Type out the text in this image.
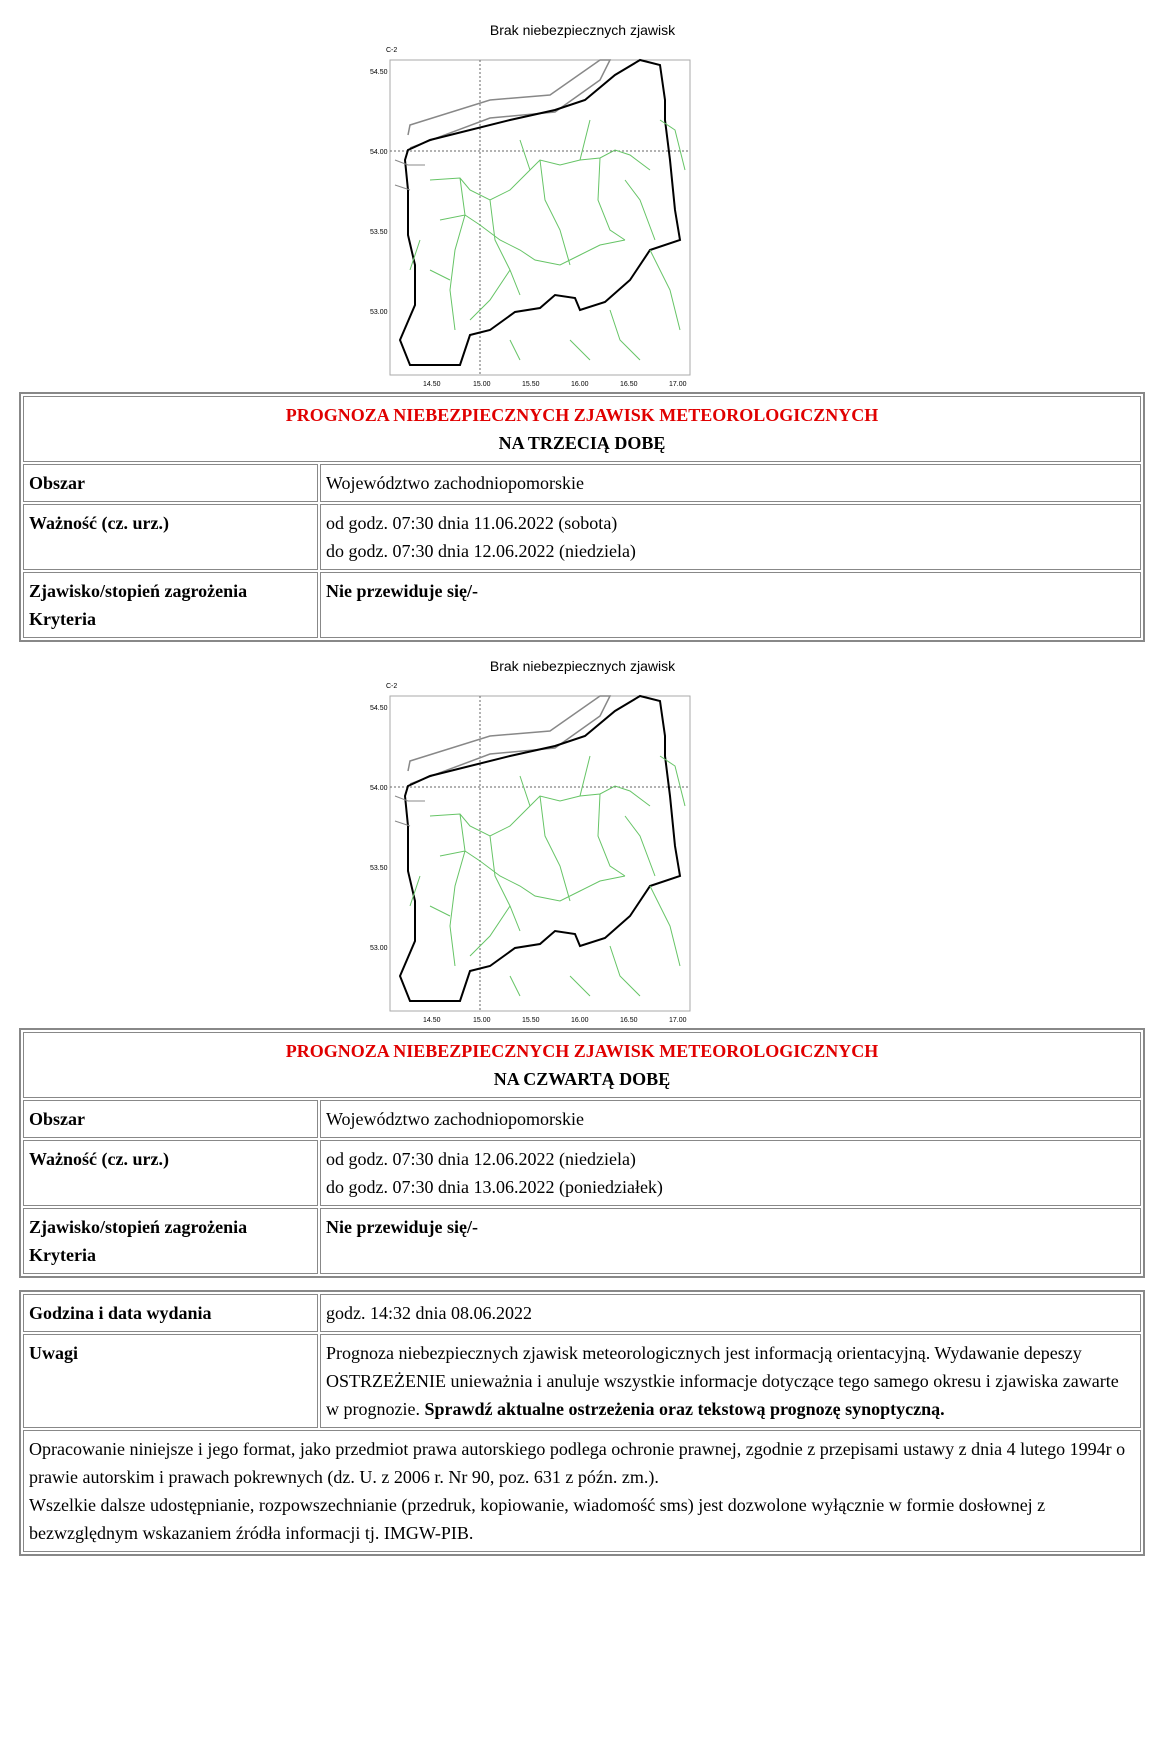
Brak niebezpiecznych zjawisk
C-2
54.50
54.00
53.50
53.00
14.50	15.00	15.50	16.00	16.50	17.00
PROGNOZA NIEBEZPIECZNYCH ZJAWISK METEOROLOGICZNYCH
NA TRZECIĄ DOBĘ	
Obszar	Województwo zachodniopomorskie
Ważność (cz. urz.)	od godz. 07:30 dnia 11.06.2022 (sobota)
do godz. 07:30 dnia 12.06.2022 (niedziela)
Zjawisko/stopień zagrożenia
Kryteria	Nie przewiduje się/-
Brak niebezpiecznych zjawisk
C-2
54.50
54.00
53.50
53.00
14.50	15.00	15.50	16.00	16.50	17.00
PROGNOZA NIEBEZPIECZNYCH ZJAWISK METEOROLOGICZNYCH
NA CZWARTĄ DOBĘ	
Obszar	Województwo zachodniopomorskie
Ważność (cz. urz.)	od godz. 07:30 dnia 12.06.2022 (niedziela)
do godz. 07:30 dnia 13.06.2022 (poniedziałek)
Zjawisko/stopień zagrożenia
Kryteria	Nie przewiduje się/-
Godzina i data wydania	godz. 14:32 dnia 08.06.2022
Uwagi	Prognoza niebezpiecznych zjawisk meteorologicznych jest informacją orientacyjną. Wydawanie depeszy OSTRZEŻENIE unieważnia i anuluje wszystkie informacje dotyczące tego samego okresu i zjawiska zawarte w prognozie. Sprawdź aktualne ostrzeżenia oraz tekstową prognozę synoptyczną.
Opracowanie niniejsze i jego format, jako przedmiot prawa autorskiego podlega ochronie prawnej, zgodnie z przepisami ustawy z dnia 4 lutego 1994r o prawie autorskim i prawach pokrewnych (dz. U. z 2006 r. Nr 90, poz. 631 z późn. zm.).
Wszelkie dalsze udostępnianie, rozpowszechnianie (przedruk, kopiowanie, wiadomość sms) jest dozwolone wyłącznie w formie dosłownej z bezwzględnym wskazaniem źródła informacji tj. IMGW-PIB.	
